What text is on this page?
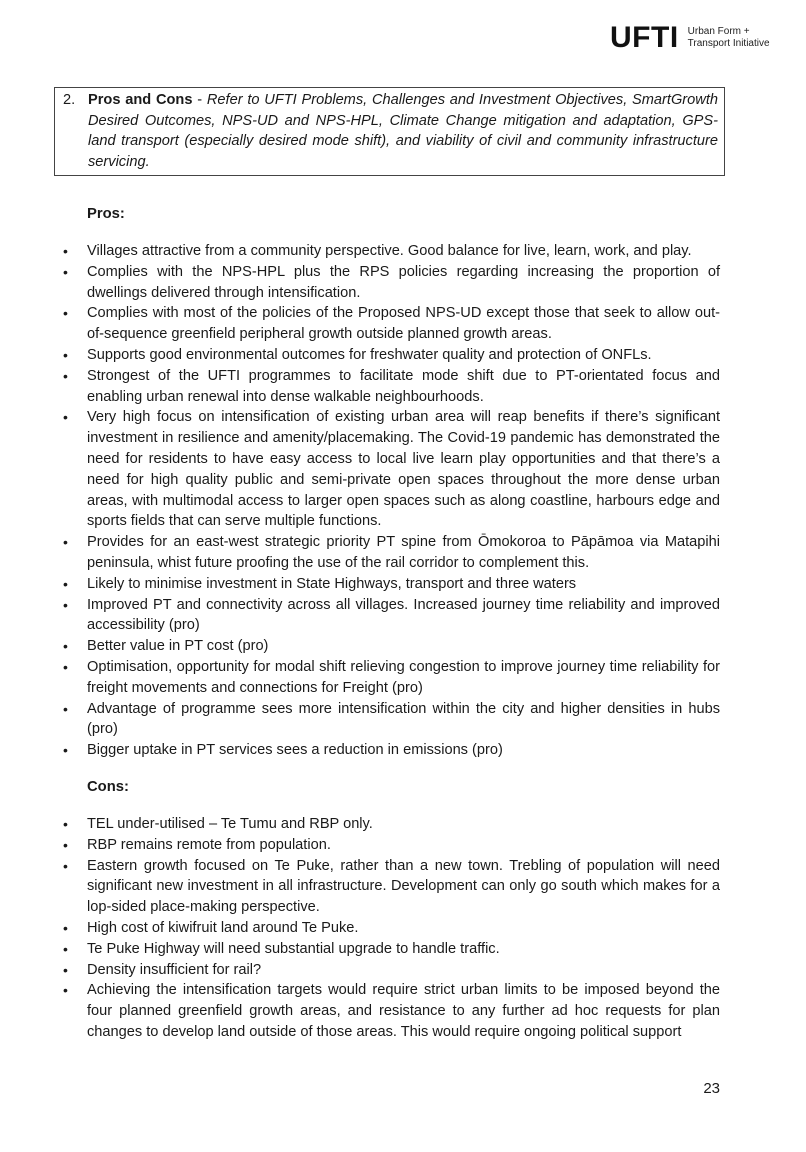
UFTI Urban Form +
Transport Initiative
2. Pros and Cons - Refer to UFTI Problems, Challenges and Investment Objectives, SmartGrowth Desired Outcomes, NPS-UD and NPS-HPL, Climate Change mitigation and adaptation, GPS-land transport (especially desired mode shift), and viability of civil and community infrastructure servicing.
Pros:
• Villages attractive from a community perspective. Good balance for live, learn, work, and play.
• Complies with the NPS-HPL plus the RPS policies regarding increasing the proportion of dwellings delivered through intensification.
• Complies with most of the policies of the Proposed NPS-UD except those that seek to allow out-of-sequence greenfield peripheral growth outside planned growth areas.
• Supports good environmental outcomes for freshwater quality and protection of ONFLs.
• Strongest of the UFTI programmes to facilitate mode shift due to PT-orientated focus and enabling urban renewal into dense walkable neighbourhoods.
• Very high focus on intensification of existing urban area will reap benefits if there’s significant investment in resilience and amenity/placemaking. The Covid-19 pandemic has demonstrated the need for residents to have easy access to local live learn play opportunities and that there’s a need for high quality public and semi-private open spaces throughout the more dense urban areas, with multimodal access to larger open spaces such as along coastline, harbours edge and sports fields that can serve multiple functions.
• Provides for an east-west strategic priority PT spine from Ōmokoroa to Pāpāmoa via Matapihi peninsula, whist future proofing the use of the rail corridor to complement this.
• Likely to minimise investment in State Highways, transport and three waters
• Improved PT and connectivity across all villages. Increased journey time reliability and improved accessibility (pro)
• Better value in PT cost (pro)
• Optimisation, opportunity for modal shift relieving congestion to improve journey time reliability for freight movements and connections for Freight (pro)
• Advantage of programme sees more intensification within the city and higher densities in hubs (pro)
• Bigger uptake in PT services sees a reduction in emissions (pro)
Cons:
• TEL under-utilised – Te Tumu and RBP only.
• RBP remains remote from population.
• Eastern growth focused on Te Puke, rather than a new town. Trebling of population will need significant new investment in all infrastructure. Development can only go south which makes for a lop-sided place-making perspective.
• High cost of kiwifruit land around Te Puke.
• Te Puke Highway will need substantial upgrade to handle traffic.
• Density insufficient for rail?
• Achieving the intensification targets would require strict urban limits to be imposed beyond the four planned greenfield growth areas, and resistance to any further ad hoc requests for plan changes to develop land outside of those areas. This would require ongoing political support
23
